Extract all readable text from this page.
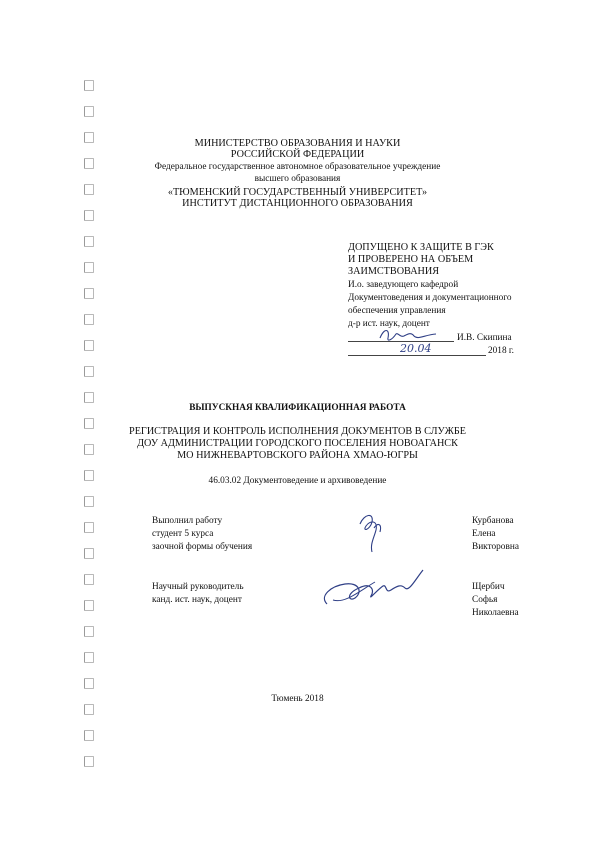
МИНИСТЕРСТВО ОБРАЗОВАНИЯ И НАУКИ
РОССИЙСКОЙ ФЕДЕРАЦИИ
Федеральное государственное автономное образовательное учреждение
высшего образования
«ТЮМЕНСКИЙ ГОСУДАРСТВЕННЫЙ УНИВЕРСИТЕТ»
ИНСТИТУТ ДИСТАНЦИОННОГО ОБРАЗОВАНИЯ
ДОПУЩЕНО К ЗАЩИТЕ В ГЭК
И ПРОВЕРЕНО НА ОБЪЕМ
ЗАИМСТВОВАНИЯ
И.о. заведующего кафедрой
Документоведения и документационного
обеспечения управления
д-р ист. наук, доцент
И.В. Скипина
20.04	2018 г.
ВЫПУСКНАЯ КВАЛИФИКАЦИОННАЯ РАБОТА
РЕГИСТРАЦИЯ И КОНТРОЛЬ ИСПОЛНЕНИЯ ДОКУМЕНТОВ В СЛУЖБЕ
ДОУ АДМИНИСТРАЦИИ ГОРОДСКОГО ПОСЕЛЕНИЯ НОВОАГАНСК
МО НИЖНЕВАРТОВСКОГО РАЙОНА ХМАО-ЮГРЫ
46.03.02 Документоведение и архивоведение
Выполнил работу
студент 5 курса
заочной формы обучения
Курбанова
Елена
Викторовна
Научный руководитель
канд. ист. наук, доцент
Щербич
Софья
Николаевна
Тюмень 2018
